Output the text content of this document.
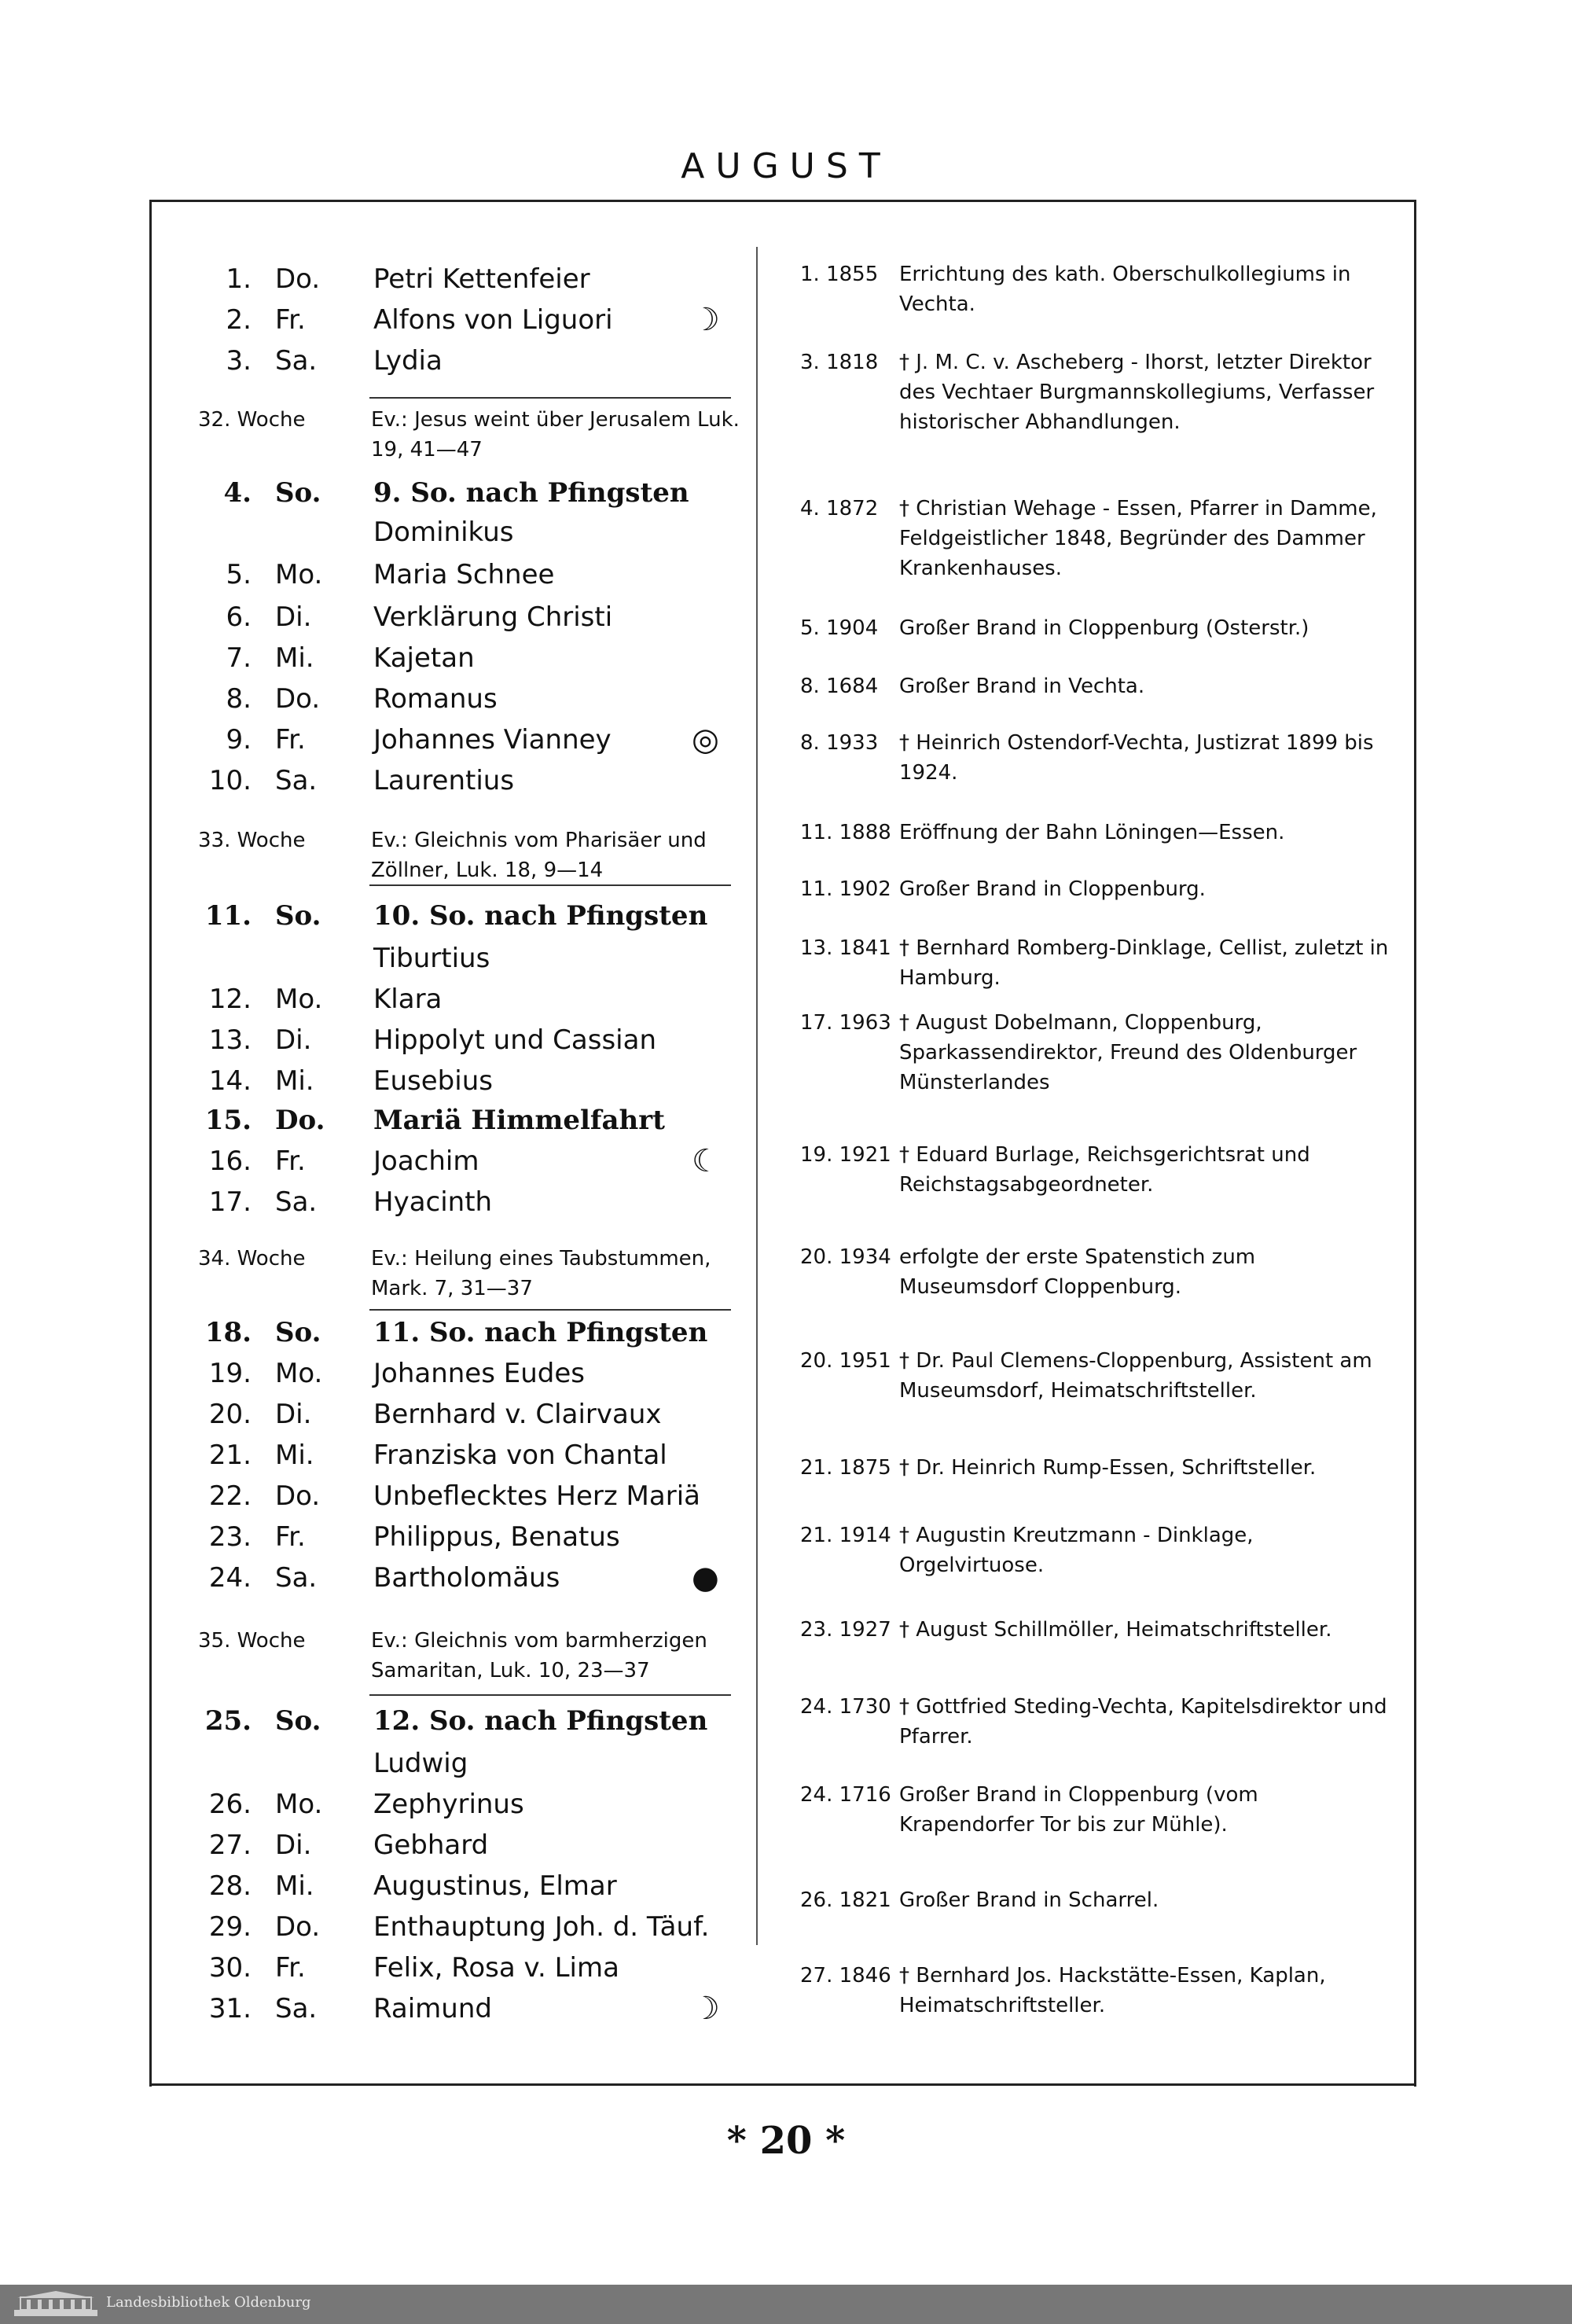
AUGUST
1. Do. Petri Kettenfeier
2. Fr.	Alfons von Liguori	☽
3. Sa. Lydia
32. Woche	Ev.: Jesus weint über Jerusalem Luk. 19, 41—47
4. So. 9. So. nach Pfingsten
Dominikus
5. Mo. Maria Schnee
6. Di. Verklärung Christi
7. Mi. Kajetan
8. Do. Romanus
9. Fr.	Johannes Vianney	◎
10. Sa. Laurentius
33. Woche	Ev.: Gleichnis vom Pharisäer und Zöllner, Luk. 18, 9—14
11. So. 10. So. nach Pfingsten
Tiburtius
12. Mo. Klara
13. Di. Hippolyt und Cassian
14. Mi. Eusebius
15. Do. Mariä Himmelfahrt
16. Fr.	Joachim	☾
17. Sa. Hyacinth
34. Woche	Ev.: Heilung eines Taubstummen, Mark. 7, 31—37
18. So. 11. So. nach Pfingsten
19. Mo. Johannes Eudes
20. Di. Bernhard v. Clairvaux
21. Mi. Franziska von Chantal
22. Do. Unbeflecktes Herz Mariä
23. Fr.	Philippus, Benatus
24. Sa. Bartholomäus	●
35. Woche	Ev.: Gleichnis vom barmherzigen Samaritan, Luk. 10, 23—37
25. So. 12. So. nach Pfingsten
Ludwig
26. Mo. Zephyrinus
27. Di. Gebhard
28. Mi. Augustinus, Elmar
29. Do. Enthauptung Joh. d. Täuf.
30. Fr.	Felix, Rosa v. Lima
31. Sa. Raimund	☽
1. 1855	Errichtung des kath. Oberschulkollegiums in Vechta.
3. 1818	† J. M. C. v. Ascheberg - Ihorst, letzter Direktor des Vechtaer Burgmannskollegiums, Verfasser historischer Abhandlungen.
4. 1872	† Christian Wehage - Essen, Pfarrer in Damme, Feldgeistlicher 1848, Begründer des Dammer Krankenhauses.
5. 1904	Großer Brand in Cloppenburg (Osterstr.)
8. 1684	Großer Brand in Vechta.
8. 1933	† Heinrich Ostendorf-Vechta, Justizrat 1899 bis 1924.
11. 1888 Eröffnung der Bahn Löningen—Essen.
11. 1902 Großer Brand in Cloppenburg.
13. 1841 † Bernhard Romberg-Dinklage, Cellist, zuletzt in Hamburg.
17. 1963 † August Dobelmann, Cloppenburg, Sparkassendirektor, Freund des Oldenburger Münsterlandes
19. 1921 † Eduard Burlage, Reichsgerichtsrat und Reichstagsabgeordneter.
20. 1934 erfolgte der erste Spatenstich zum Museumsdorf Cloppenburg.
20. 1951 † Dr. Paul Clemens-Cloppenburg, Assistent am Museumsdorf, Heimatschriftsteller.
21. 1875 † Dr. Heinrich Rump-Essen, Schriftsteller.
21. 1914 † Augustin Kreutzmann - Dinklage, Orgelvirtuose.
23. 1927 † August Schillmöller, Heimatschriftsteller.
24. 1730 † Gottfried Steding-Vechta, Kapitelsdirektor und Pfarrer.
24. 1716 Großer Brand in Cloppenburg (vom Krapendorfer Tor bis zur Mühle).
26. 1821 Großer Brand in Scharrel.
27. 1846 † Bernhard Jos. Hackstätte-Essen, Kaplan, Heimatschriftsteller.
* 20 *
Landesbibliothek Oldenburg
